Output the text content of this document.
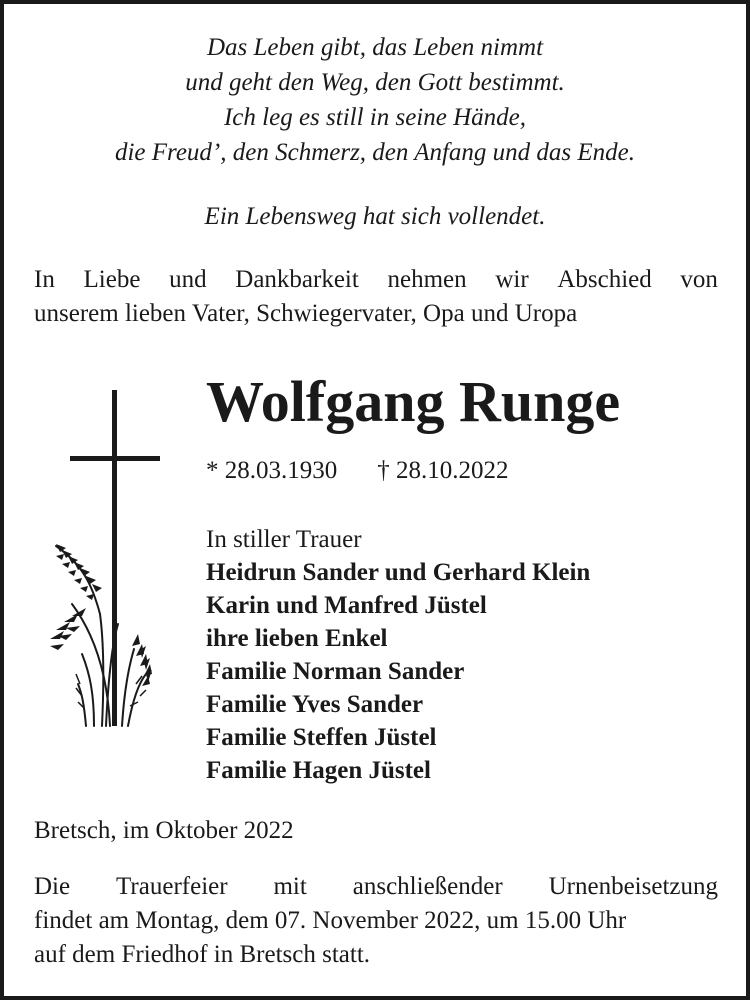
Das Leben gibt, das Leben nimmt
und geht den Weg, den Gott bestimmt.
Ich leg es still in seine Hände,
die Freud’, den Schmerz, den Anfang und das Ende.
Ein Lebensweg hat sich vollendet.
In Liebe und Dankbarkeit nehmen wir Abschied von
unserem lieben Vater, Schwiegervater, Opa und Uropa
Wolfgang Runge
* 28.03.1930 † 28.10.2022
In stiller Trauer
Heidrun Sander und Gerhard Klein
Karin und Manfred Jüstel
ihre lieben Enkel
Familie Norman Sander
Familie Yves Sander
Familie Steffen Jüstel
Familie Hagen Jüstel
Bretsch, im Oktober 2022
Die Trauerfeier mit anschließender Urnenbeisetzung
findet am Montag, dem 07. November 2022, um 15.00 Uhr
auf dem Friedhof in Bretsch statt.
